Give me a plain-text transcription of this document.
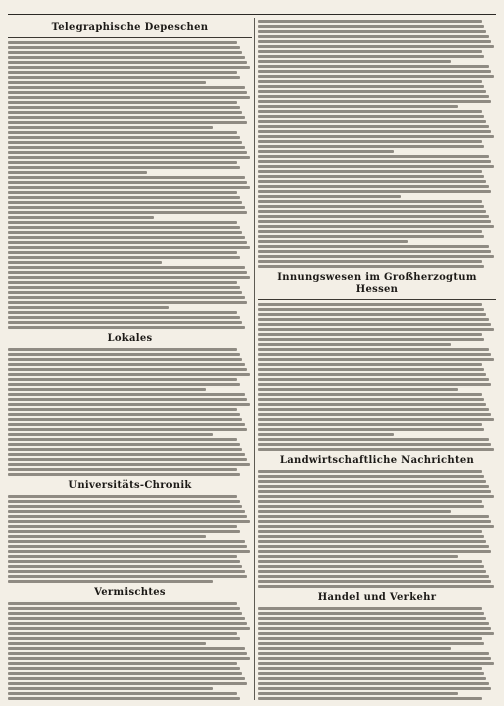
Telegraphische Depeschen
Lokales
Universitäts-Chronik
Vermischtes
Innungswesen im Großherzogtum Hessen
Landwirtschaftliche Nachrichten
Handel und Verkehr
